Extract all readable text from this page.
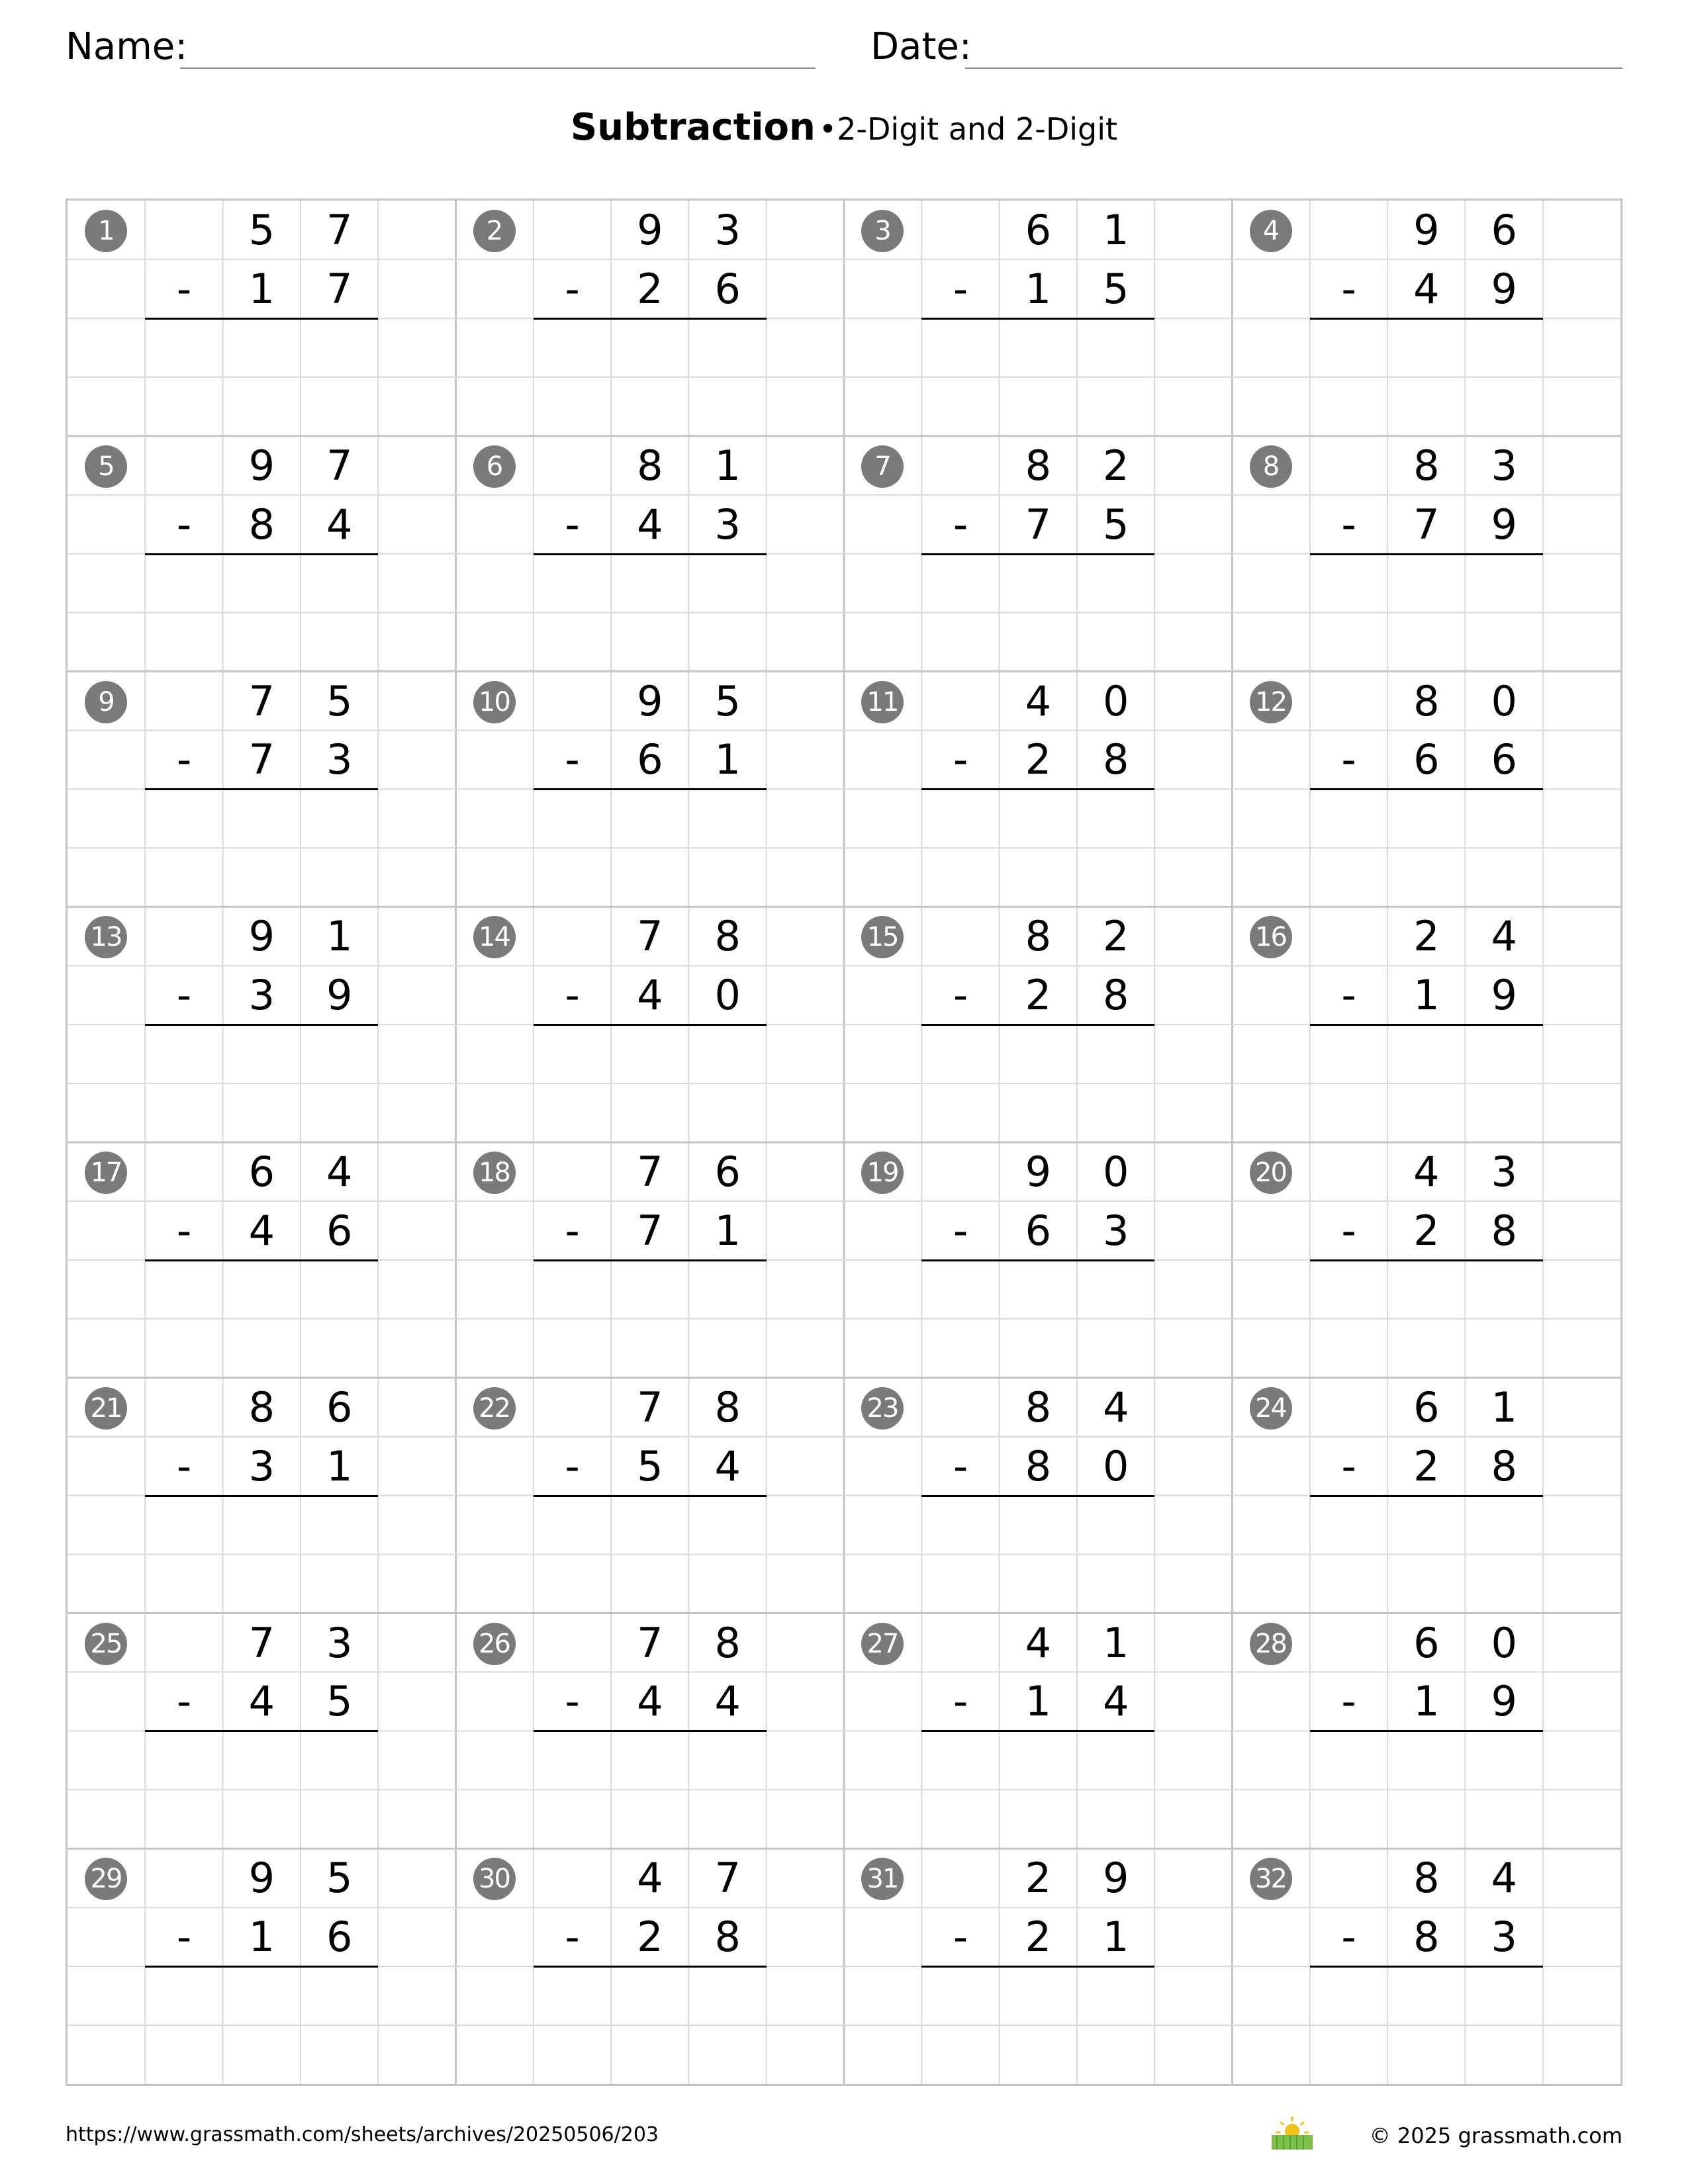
Name:	Date:
Subtraction •2-Digit and 2-Digit
1	5	7
-	1	7
2	9	3
-	2	6
3	6	1
-	1	5
4	9	6
-	4	9
5	9	7
-	8	4
6	8	1
-	4	3
7	8	2
-	7	5
8	8	3
-	7	9
9	7	5
-	7	3
10	9	5
-	6	1
11	4	0
-	2	8
12	8	0
-	6	6
13	9	1
-	3	9
14	7	8
-	4	0
15	8	2
-	2	8
16	2	4
-	1	9
17	6	4
-	4	6
18	7	6
-	7	1
19	9	0
-	6	3
20	4	3
-	2	8
21	8	6
-	3	1
22	7	8
-	5	4
23	8	4
-	8	0
24	6	1
-	2	8
25	7	3
-	4	5
26	7	8
-	4	4
27	4	1
-	1	4
28	6	0
-	1	9
29	9	5
-	1	6
30	4	7
-	2	8
31	2	9
-	2	1
32	8	4
-	8	3
https://www.grassmath.com/sheets/archives/20250506/203	© 2025 grassmath.com
